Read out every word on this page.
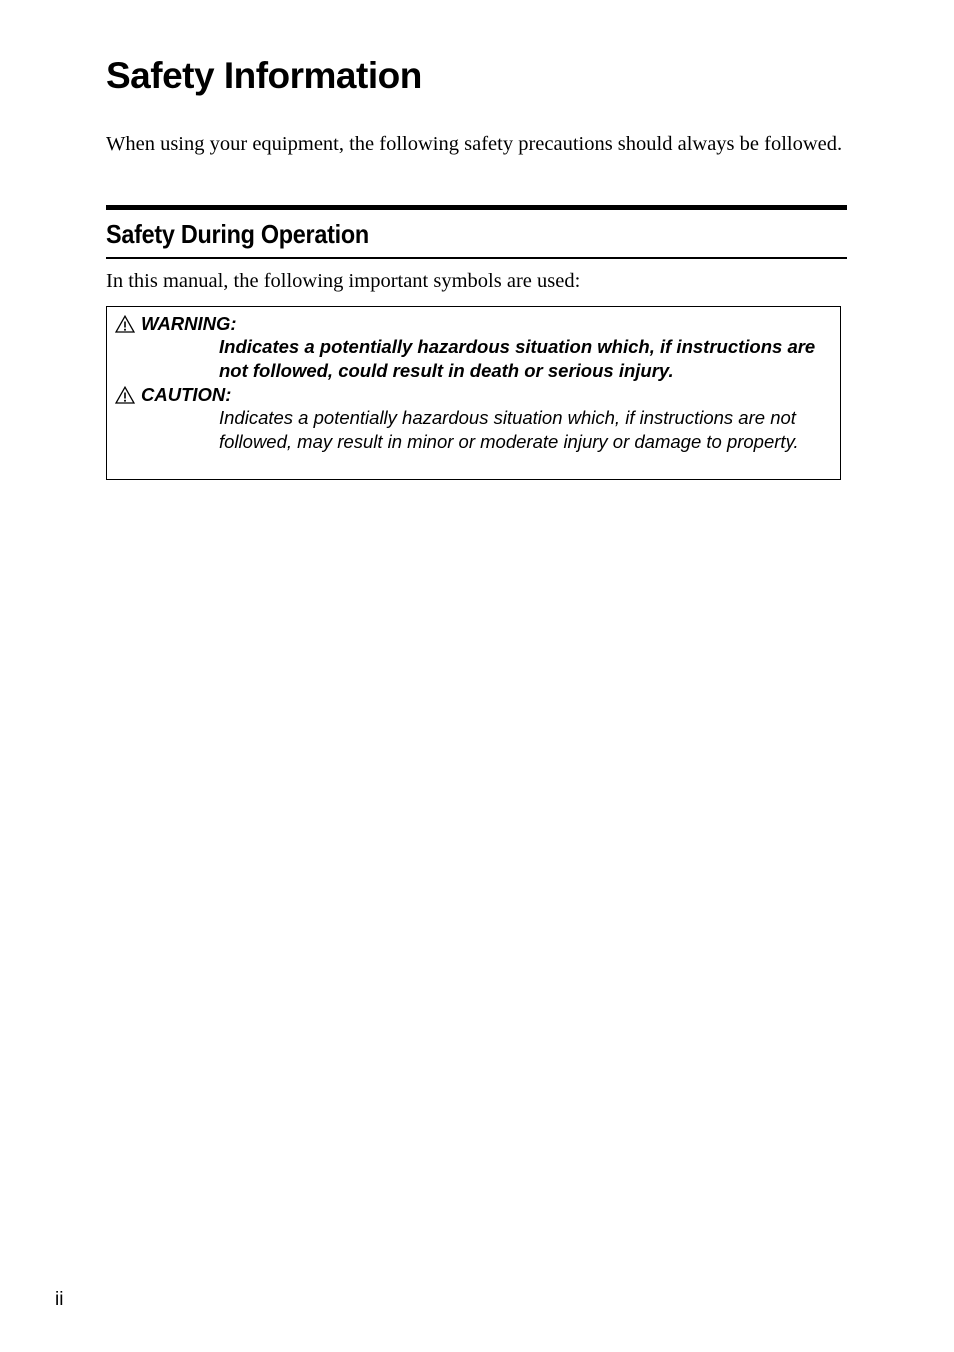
Safety Information

When using your equipment, the following safety precautions should always be followed.

Safety During Operation

In this manual, the following important symbols are used:

WARNING:

Indicates a potentially hazardous situation which, if instructions are not followed, could result in death or serious injury.

CAUTION:

Indicates a potentially hazardous situation which, if instructions are not followed, may result in minor or moderate injury or damage to property.

ii
